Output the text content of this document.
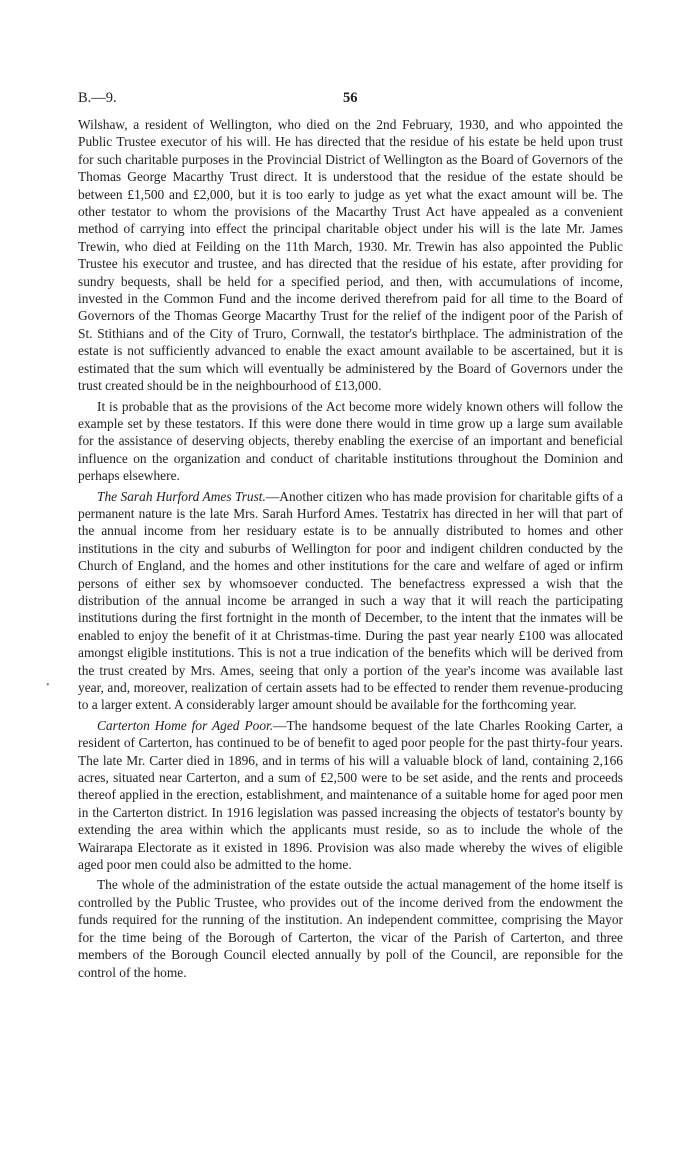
B.—9.	56

Wilshaw, a resident of Wellington, who died on the 2nd February, 1930, and who appointed the Public Trustee executor of his will. He has directed that the residue of his estate be held upon trust for such charitable purposes in the Provincial District of Wellington as the Board of Governors of the Thomas George Macarthy Trust direct. It is understood that the residue of the estate should be between £1,500 and £2,000, but it is too early to judge as yet what the exact amount will be. The other testator to whom the provisions of the Macarthy Trust Act have appealed as a convenient method of carrying into effect the principal charitable object under his will is the late Mr. James Trewin, who died at Feilding on the 11th March, 1930. Mr. Trewin has also appointed the Public Trustee his executor and trustee, and has directed that the residue of his estate, after providing for sundry bequests, shall be held for a specified period, and then, with accumulations of income, invested in the Common Fund and the income derived therefrom paid for all time to the Board of Governors of the Thomas George Macarthy Trust for the relief of the indigent poor of the Parish of St. Stithians and of the City of Truro, Cornwall, the testator's birthplace. The administration of the estate is not sufficiently advanced to enable the exact amount available to be ascertained, but it is estimated that the sum which will eventually be administered by the Board of Governors under the trust created should be in the neighbourhood of £13,000.

It is probable that as the provisions of the Act become more widely known others will follow the example set by these testators. If this were done there would in time grow up a large sum available for the assistance of deserving objects, thereby enabling the exercise of an important and beneficial influence on the organization and conduct of charitable institutions throughout the Dominion and perhaps elsewhere.

The Sarah Hurford Ames Trust.—Another citizen who has made provision for charitable gifts of a permanent nature is the late Mrs. Sarah Hurford Ames. Testatrix has directed in her will that part of the annual income from her residuary estate is to be annually distributed to homes and other institutions in the city and suburbs of Wellington for poor and indigent children conducted by the Church of England, and the homes and other institutions for the care and welfare of aged or infirm persons of either sex by whomsoever conducted. The benefactress expressed a wish that the distribution of the annual income be arranged in such a way that it will reach the participating institutions during the first fortnight in the month of December, to the intent that the inmates will be enabled to enjoy the benefit of it at Christmas-time. During the past year nearly £100 was allocated amongst eligible institutions. This is not a true indication of the benefits which will be derived from the trust created by Mrs. Ames, seeing that only a portion of the year's income was available last year, and, moreover, realization of certain assets had to be effected to render them revenue-producing to a larger extent. A considerably larger amount should be available for the forthcoming year.

Carterton Home for Aged Poor.—The handsome bequest of the late Charles Rooking Carter, a resident of Carterton, has continued to be of benefit to aged poor people for the past thirty-four years. The late Mr. Carter died in 1896, and in terms of his will a valuable block of land, containing 2,166 acres, situated near Carterton, and a sum of £2,500 were to be set aside, and the rents and proceeds thereof applied in the erection, establishment, and maintenance of a suitable home for aged poor men in the Carterton district. In 1916 legislation was passed increasing the objects of testator's bounty by extending the area within which the applicants must reside, so as to include the whole of the Wairarapa Electorate as it existed in 1896. Provision was also made whereby the wives of eligible aged poor men could also be admitted to the home.

The whole of the administration of the estate outside the actual management of the home itself is controlled by the Public Trustee, who provides out of the income derived from the endowment the funds required for the running of the institution. An independent committee, comprising the Mayor for the time being of the Borough of Carterton, the vicar of the Parish of Carterton, and three members of the Borough Council elected annually by poll of the Council, are reponsible for the control of the home.

•
